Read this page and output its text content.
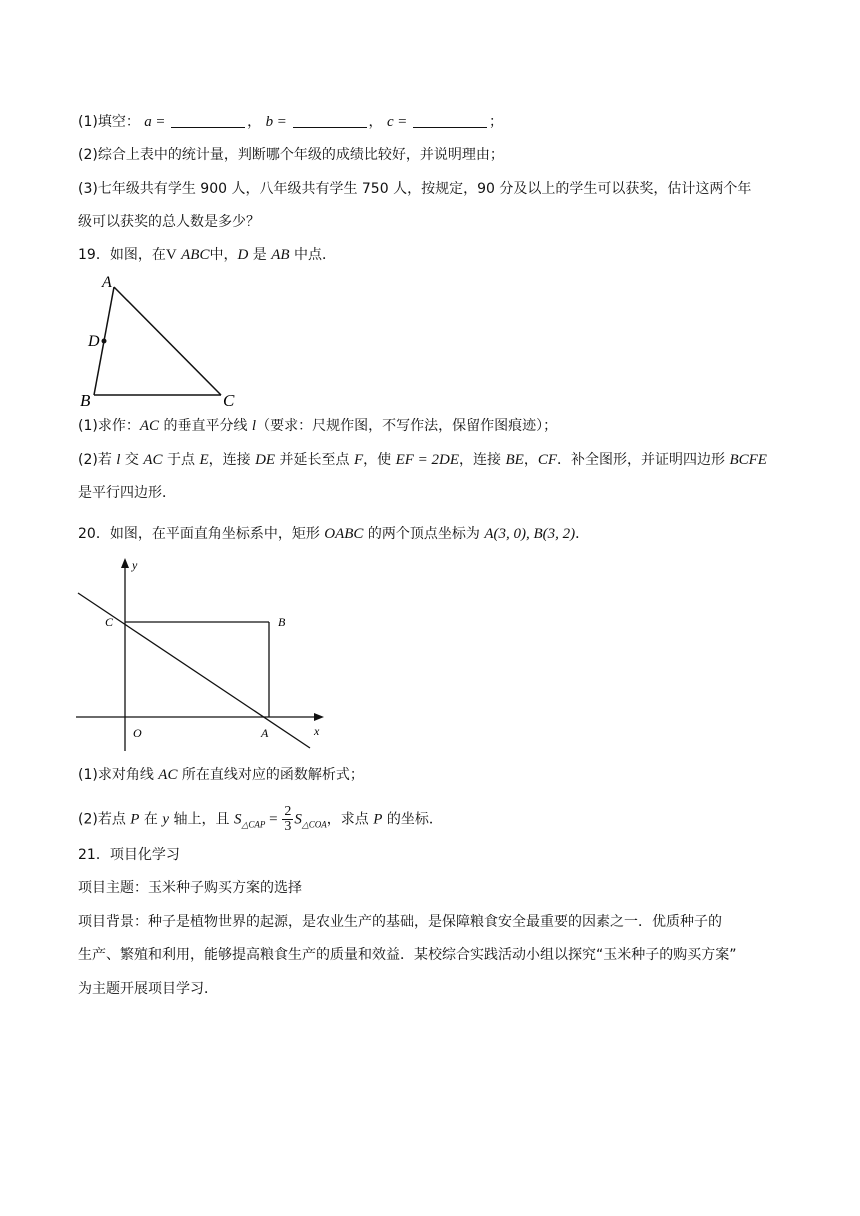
(1)填空： a =	， b =	， c =	；
(2)综合上表中的统计量，判断哪个年级的成绩比较好，并说明理由；
(3)七年级共有学生 900 人，八年级共有学生 750 人，按规定，90 分及以上的学生可以获奖，估计这两个年
级可以获奖的总人数是多少？
19．如图，在V ABC中，D 是 AB 中点．
A
D
B	C
(1)求作：AC 的垂直平分线 l（要求：尺规作图，不写作法，保留作图痕迹）；
(2)若 l 交 AC 于点 E，连接 DE 并延长至点 F，使 EF = 2DE，连接 BE，CF．补全图形，并证明四边形 BCFE
是平行四边形．
20．如图，在平面直角坐标系中，矩形 OABC 的两个顶点坐标为 A(3, 0), B(3, 2)．
y
x
O	A
B
C
(1)求对角线 AC 所在直线对应的函数解析式；
(2)若点 P 在 y 轴上，且 $S_{\triangle CAP} = \frac{2}{3} S_{\triangle COA}$，求点 P 的坐标．
21．项目化学习
项目主题：玉米种子购买方案的选择
项目背景：种子是植物世界的起源，是农业生产的基础，是保障粮食安全最重要的因素之一．优质种子的
生产、繁殖和利用，能够提高粮食生产的质量和效益．某校综合实践活动小组以探究“玉米种子的购买方案”
为主题开展项目学习．
